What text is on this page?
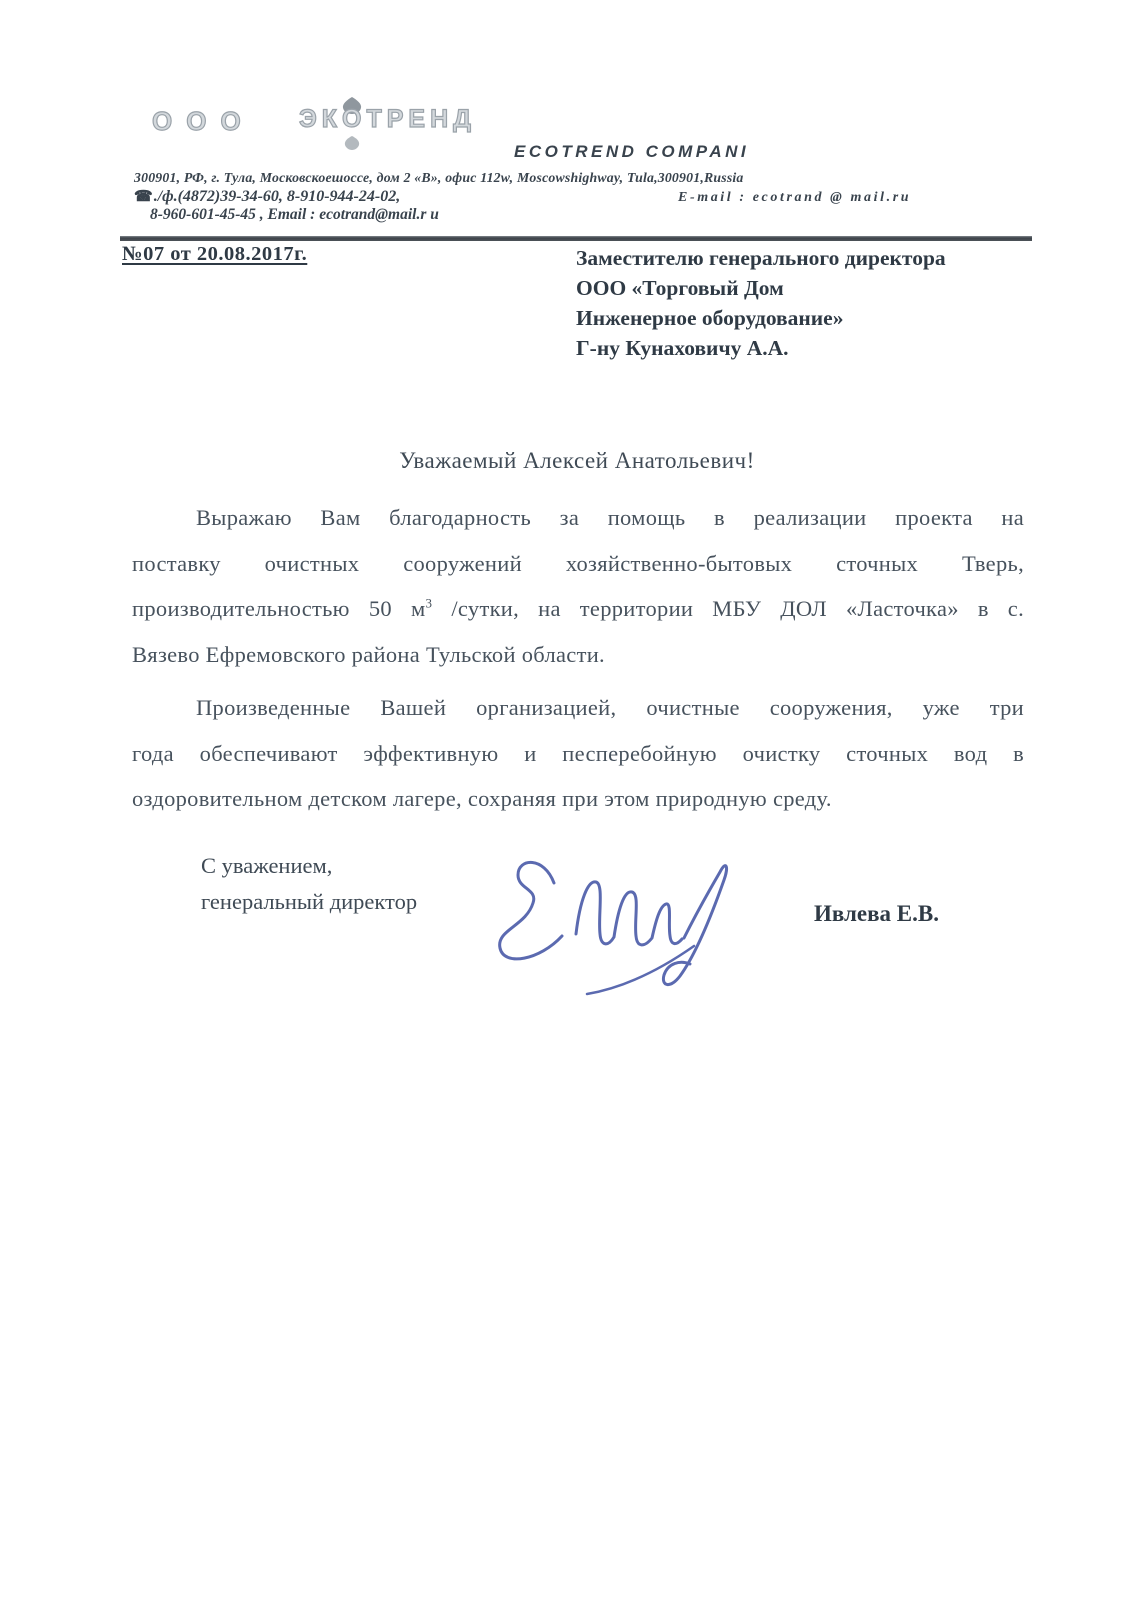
ООО ЭКОТРЕНД
ECOTREND COMPANI
300901, РФ, г. Тула, Московскоешоссе, дом 2 «В», офис 112w, Moscowshighway, Tula,300901,Russia
☎./ф.(4872)39-34-60, 8-910-944-24-02,	E-mail : ecotrand @ mail.ru
8-960-601-45-45 , Email : ecotrand@mail.r u
№07 от 20.08.2017г.	Заместителю генерального директора
ООО «Торговый Дом
Инженерное оборудование»
Г-ну Кунаховичу А.А.
Уважаемый Алексей Анатольевич!
Выражаю Вам благодарность за помощь в реализации проекта на
поставку очистных сооружений хозяйственно-бытовых сточных Тверь,
производительностью 50 $м^3$ /сутки, на территории МБУ ДОЛ «Ласточка» в с.
Вязево Ефремовского района Тульской области.
Произведенные Вашей организацией, очистные сооружения, уже три
года обеспечивают эффективную и песперебойную очистку сточных вод в
оздоровительном детском лагере, сохраняя при этом природную среду.
С уважением,
генеральный директор	Ивлева Е.В.
